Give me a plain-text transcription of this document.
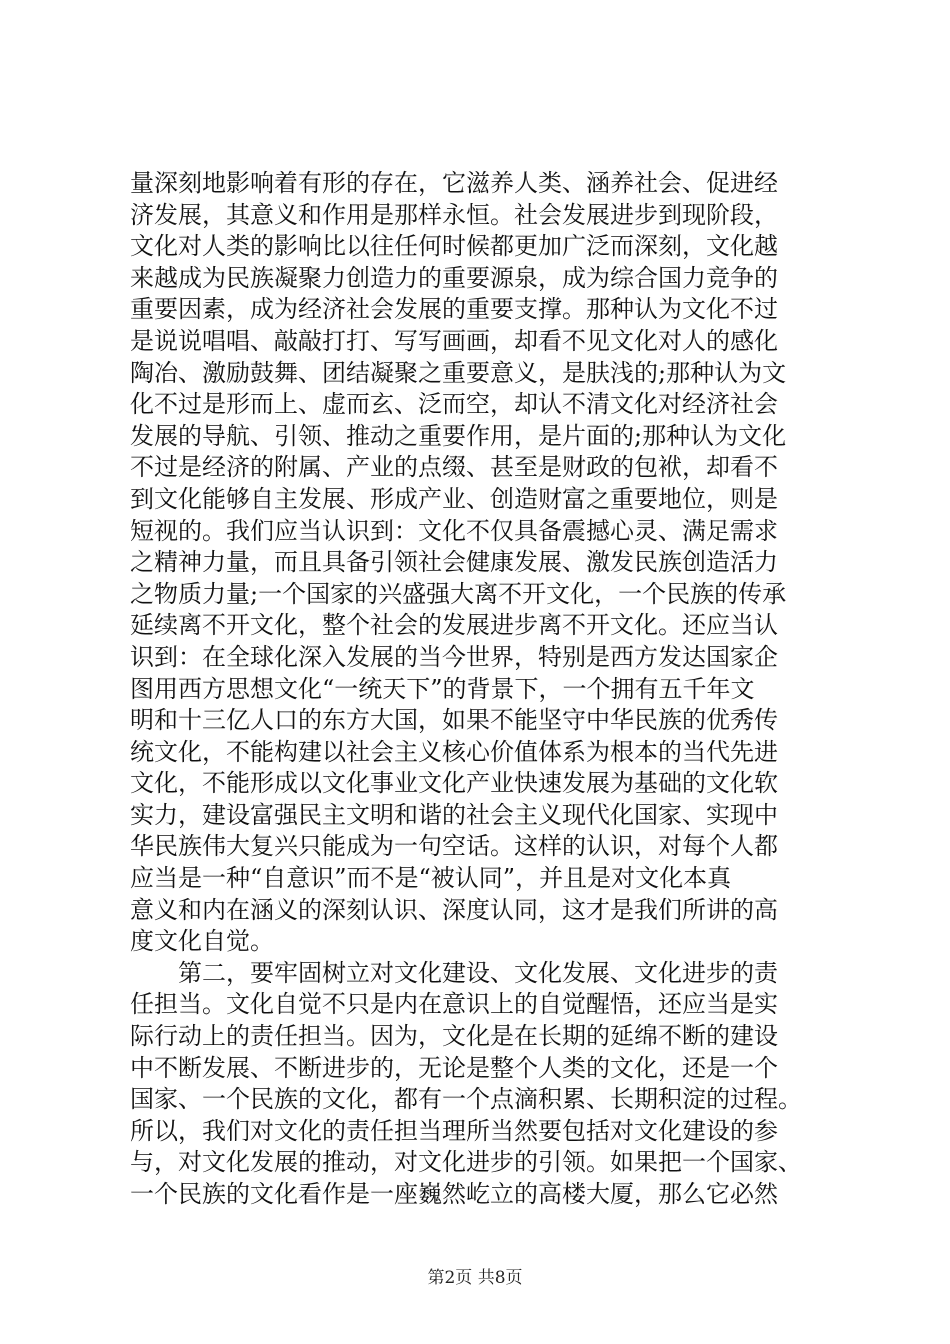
量深刻地影响着有形的存在，它滋养人类、涵养社会、促进经
济发展，其意义和作用是那样永恒。社会发展进步到现阶段，
文化对人类的影响比以往任何时候都更加广泛而深刻，文化越
来越成为民族凝聚力创造力的重要源泉，成为综合国力竞争的
重要因素，成为经济社会发展的重要支撑。那种认为文化不过
是说说唱唱、敲敲打打、写写画画，却看不见文化对人的感化
陶冶、激励鼓舞、团结凝聚之重要意义，是肤浅的;那种认为文
化不过是形而上、虚而玄、泛而空，却认不清文化对经济社会
发展的导航、引领、推动之重要作用，是片面的;那种认为文化
不过是经济的附属、产业的点缀、甚至是财政的包袱，却看不
到文化能够自主发展、形成产业、创造财富之重要地位，则是
短视的。我们应当认识到：文化不仅具备震撼心灵、满足需求
之精神力量，而且具备引领社会健康发展、激发民族创造活力
之物质力量;一个国家的兴盛强大离不开文化，一个民族的传承
延续离不开文化，整个社会的发展进步离不开文化。还应当认
识到：在全球化深入发展的当今世界，特别是西方发达国家企
图用西方思想文化“一统天下”的背景下，一个拥有五千年文
明和十三亿人口的东方大国，如果不能坚守中华民族的优秀传
统文化，不能构建以社会主义核心价值体系为根本的当代先进
文化，不能形成以文化事业文化产业快速发展为基础的文化软
实力，建设富强民主文明和谐的社会主义现代化国家、实现中
华民族伟大复兴只能成为一句空话。这样的认识，对每个人都
应当是一种“自意识”而不是“被认同”，并且是对文化本真
意义和内在涵义的深刻认识、深度认同，这才是我们所讲的高
度文化自觉。
　　第二，要牢固树立对文化建设、文化发展、文化进步的责
任担当。文化自觉不只是内在意识上的自觉醒悟，还应当是实
际行动上的责任担当。因为，文化是在长期的延绵不断的建设
中不断发展、不断进步的，无论是整个人类的文化，还是一个
国家、一个民族的文化，都有一个点滴积累、长期积淀的过程。
所以，我们对文化的责任担当理所当然要包括对文化建设的参
与，对文化发展的推动，对文化进步的引领。如果把一个国家、
一个民族的文化看作是一座巍然屹立的高楼大厦，那么它必然
第2页 共8页
